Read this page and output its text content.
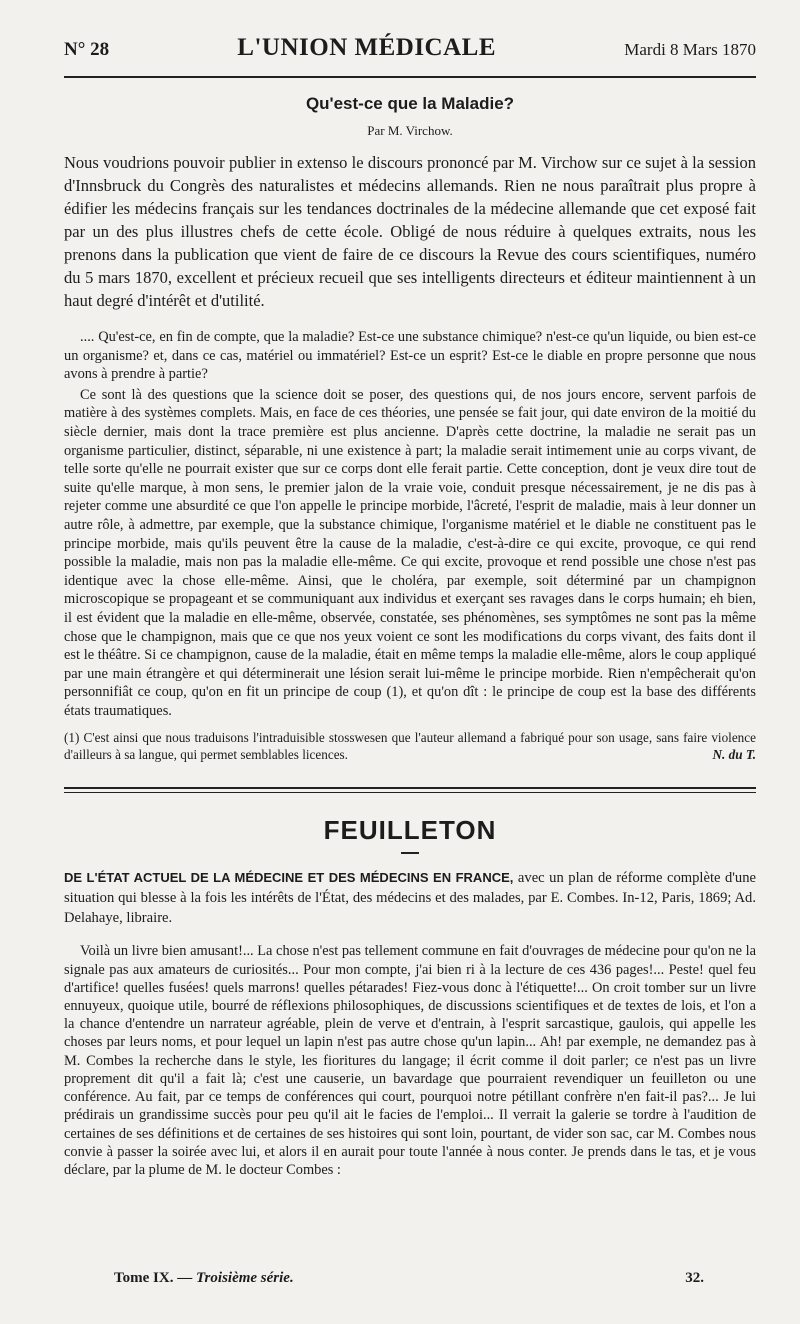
N° 28	L'UNION MÉDICALE	Mardi 8 Mars 1870
Qu'est-ce que la Maladie?
Par M. Virchow.
Nous voudrions pouvoir publier in extenso le discours prononcé par M. Virchow sur ce sujet à la session d'Innsbruck du Congrès des naturalistes et médecins allemands. Rien ne nous paraîtrait plus propre à édifier les médecins français sur les tendances doctrinales de la médecine allemande que cet exposé fait par un des plus illustres chefs de cette école. Obligé de nous réduire à quelques extraits, nous les prenons dans la publication que vient de faire de ce discours la Revue des cours scientifiques, numéro du 5 mars 1870, excellent et précieux recueil que ses intelligents directeurs et éditeur maintiennent à un haut degré d'intérêt et d'utilité.

.... Qu'est-ce, en fin de compte, que la maladie? Est-ce une substance chimique? n'est-ce qu'un liquide, ou bien est-ce un organisme? et, dans ce cas, matériel ou immatériel? Est-ce un esprit? Est-ce le diable en propre personne que nous avons à prendre à partie?

Ce sont là des questions que la science doit se poser, des questions qui, de nos jours encore, servent parfois de matière à des systèmes complets. Mais, en face de ces théories, une pensée se fait jour, qui date environ de la moitié du siècle dernier, mais dont la trace première est plus ancienne. D'après cette doctrine, la maladie ne serait pas un organisme particulier, distinct, séparable, ni une existence à part; la maladie serait intimement unie au corps vivant, de telle sorte qu'elle ne pourrait exister que sur ce corps dont elle ferait partie. Cette conception, dont je veux dire tout de suite qu'elle marque, à mon sens, le premier jalon de la vraie voie, conduit presque nécessairement, je ne dis pas à rejeter comme une absurdité ce que l'on appelle le principe morbide, l'âcreté, l'esprit de maladie, mais à leur donner un autre rôle, à admettre, par exemple, que la substance chimique, l'organisme matériel et le diable ne constituent pas le principe morbide, mais qu'ils peuvent être la cause de la maladie, c'est-à-dire ce qui excite, provoque, ce qui rend possible la maladie, mais non pas la maladie elle-même. Ce qui excite, provoque et rend possible une chose n'est pas identique avec la chose elle-même. Ainsi, que le choléra, par exemple, soit déterminé par un champignon microscopique se propageant et se communiquant aux individus et exerçant ses ravages dans le corps humain; eh bien, il est évident que la maladie en elle-même, observée, constatée, ses phénomènes, ses symptômes ne sont pas la même chose que le champignon, mais que ce que nos yeux voient ce sont les modifications du corps vivant, des faits dont il est le théâtre. Si ce champignon, cause de la maladie, était en même temps la maladie elle-même, alors le coup appliqué par une main étrangère et qui déterminerait une lésion serait lui-même le principe morbide. Rien n'empêcherait qu'on personnifiât ce coup, qu'on en fit un principe de coup (1), et qu'on dît : le principe de coup est la base des différents états traumatiques.

(1) C'est ainsi que nous traduisons l'intraduisible stosswesen que l'auteur allemand a fabriqué pour son usage, sans faire violence d'ailleurs à sa langue, qui permet semblables licences.	N. du T.
FEUILLETON
DE L'ÉTAT ACTUEL DE LA MÉDECINE ET DES MÉDECINS EN FRANCE, avec un plan de réforme complète d'une situation qui blesse à la fois les intérêts de l'État, des médecins et des malades, par E. Combes. In-12, Paris, 1869; Ad. Delahaye, libraire.

Voilà un livre bien amusant!... La chose n'est pas tellement commune en fait d'ouvrages de médecine pour qu'on ne la signale pas aux amateurs de curiosités... Pour mon compte, j'ai bien ri à la lecture de ces 436 pages!... Peste! quel feu d'artifice! quelles fusées! quels marrons! quelles pétarades! Fiez-vous donc à l'étiquette!... On croit tomber sur un livre ennuyeux, quoique utile, bourré de réflexions philosophiques, de discussions scientifiques et de textes de lois, et l'on a la chance d'entendre un narrateur agréable, plein de verve et d'entrain, à l'esprit sarcastique, gaulois, qui appelle les choses par leurs noms, et pour lequel un lapin n'est pas autre chose qu'un lapin... Ah! par exemple, ne demandez pas à M. Combes la recherche dans le style, les fioritures du langage; il écrit comme il doit parler; ce n'est pas un livre proprement dit qu'il a fait là; c'est une causerie, un bavardage que pourraient revendiquer un feuilleton ou une conférence. Au fait, par ce temps de conférences qui court, pourquoi notre pétillant confrère n'en fait-il pas?... Je lui prédirais un grandissime succès pour peu qu'il ait le facies de l'emploi... Il verrait la galerie se tordre à l'audition de certaines de ses définitions et de certaines de ses histoires qui sont loin, pourtant, de vider son sac, car M. Combes nous convie à passer la soirée avec lui, et alors il en aurait pour toute l'année à nous conter. Je prends dans le tas, et je vous déclare, par la plume de M. le docteur Combes :

Tome IX. — Troisième série.	32.
